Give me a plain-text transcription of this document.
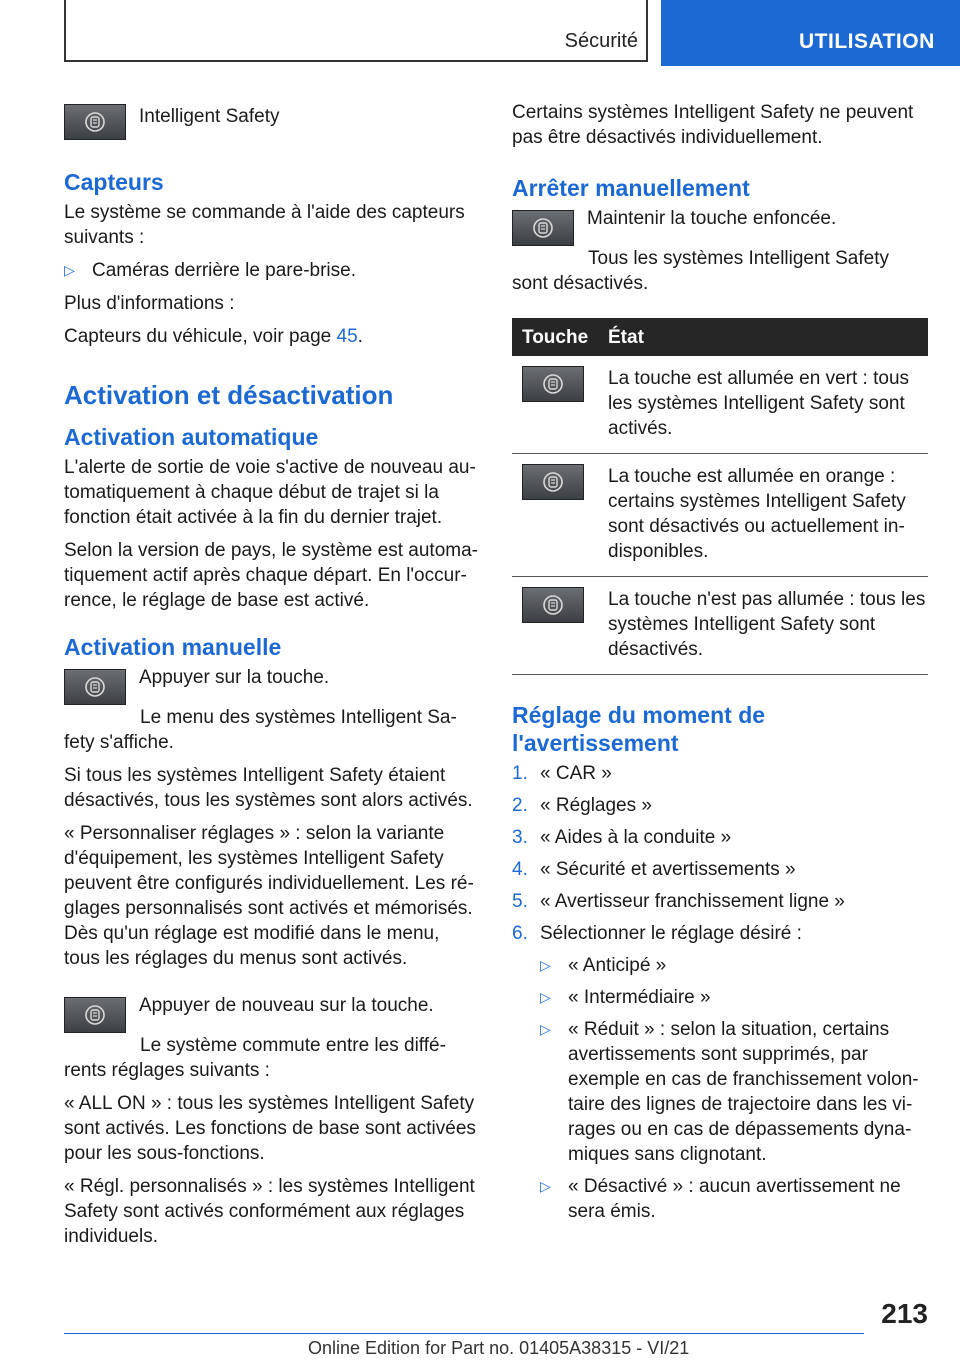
Sécurité	UTILISATION
Intelligent Safety
Capteurs

Le système se commande à l'aide des capteurs suivants :

▷ Caméras derrière le pare-brise.

Plus d'informations :

Capteurs du véhicule, voir page 45.

Activation et désactivation
Activation automatique

L'alerte de sortie de voie s'active de nouveau au-tomatiquement à chaque début de trajet si la fonction était activée à la fin du dernier trajet.

Selon la version de pays, le système est automa-tiquement actif après chaque départ. En l'occur-rence, le réglage de base est activé.

Activation manuelle

Appuyer sur la touche.

Le menu des systèmes Intelligent Sa-fety s'affiche.

Si tous les systèmes Intelligent Safety étaient désactivés, tous les systèmes sont alors activés.

« Personnaliser réglages » : selon la variante d'équipement, les systèmes Intelligent Safety peuvent être configurés individuellement. Les ré-glages personnalisés sont activés et mémorisés. Dès qu'un réglage est modifié dans le menu, tous les réglages du menus sont activés.

Appuyer de nouveau sur la touche.

Le système commute entre les diffé-rents réglages suivants :

« ALL ON » : tous les systèmes Intelligent Safety sont activés. Les fonctions de base sont activées pour les sous-fonctions.

« Régl. personnalisés » : les systèmes Intelligent Safety sont activés conformément aux réglages individuels.

Certains systèmes Intelligent Safety ne peuvent pas être désactivés individuellement.

Arrêter manuellement

Maintenir la touche enfoncée.

Tous les systèmes Intelligent Safety sont désactivés.

Touche	État

	La touche est allumée en vert : tous les systèmes Intelligent Safety sont activés.

	La touche est allumée en orange : certains systèmes Intelligent Safety sont désactivés ou actuellement in-disponibles.

	La touche n'est pas allumée : tous les systèmes Intelligent Safety sont désactivés.
Réglage du moment de l'avertissement
1. « CAR »
2. « Réglages »
3. « Aides à la conduite »
4. « Sécurité et avertissements »
5. « Avertisseur franchissement ligne »
6. Sélectionner le réglage désiré :
▷ « Anticipé »
▷ « Intermédiaire »
▷ « Réduit » : selon la situation, certains avertissements sont supprimés, par exemple en cas de franchissement volon-taire des lignes de trajectoire dans les vi-rages ou en cas de dépassements dyna-miques sans clignotant.
▷ « Désactivé » : aucun avertissement ne sera émis.
213
Online Edition for Part no. 01405A38315 - VI/21
